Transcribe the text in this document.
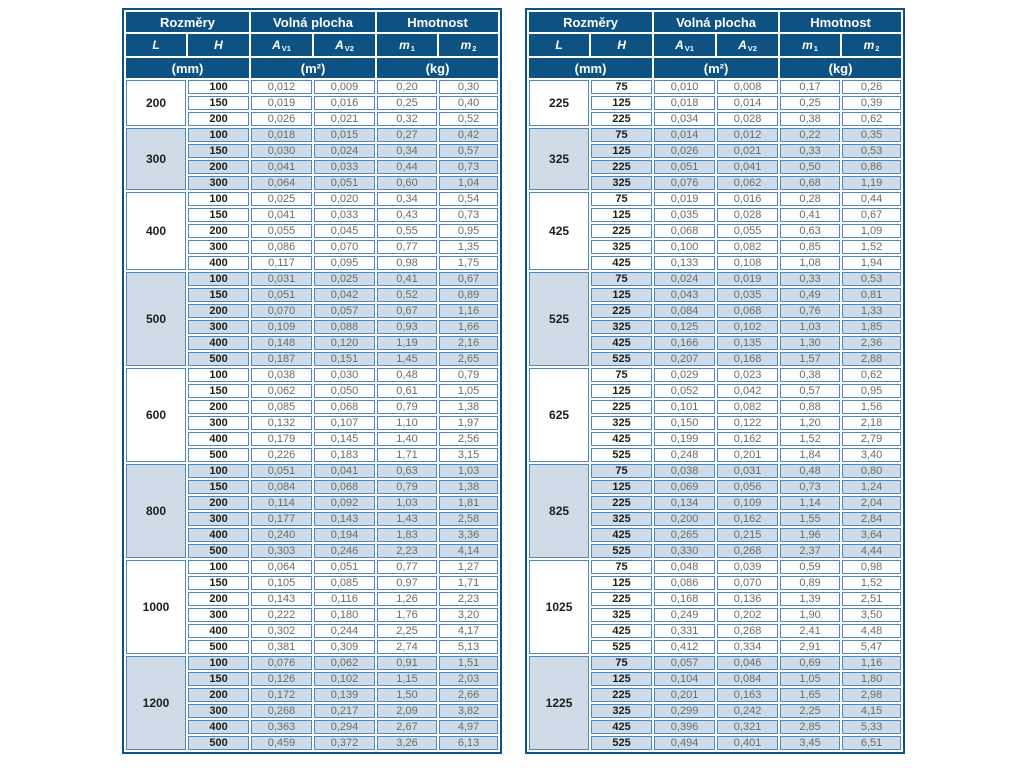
Rozměry		Volná plocha		Hmotnost	
L	H	$A_{V1}$	$A_{V2}$	$m_1$	$m_2$
(mm)		(m²)		(kg)	
200	100	0,012	0,009	0,20	0,30
	150	0,019	0,016	0,25	0,40
	200	0,026	0,021	0,32	0,52
300	100	0,018	0,015	0,27	0,42
	150	0,030	0,024	0,34	0,57
	200	0,041	0,033	0,44	0,73
	300	0,064	0,051	0,60	1,04
400	100	0,025	0,020	0,34	0,54
	150	0,041	0,033	0,43	0,73
	200	0,055	0,045	0,55	0,95
	300	0,086	0,070	0,77	1,35
	400	0,117	0,095	0,98	1,75
500	100	0,031	0,025	0,41	0,67
	150	0,051	0,042	0,52	0,89
	200	0,070	0,057	0,67	1,16
	300	0,109	0,088	0,93	1,66
	400	0,148	0,120	1,19	2,16
	500	0,187	0,151	1,45	2,65
600	100	0,038	0,030	0,48	0,79
	150	0,062	0,050	0,61	1,05
	200	0,085	0,068	0,79	1,38
	300	0,132	0,107	1,10	1,97
	400	0,179	0,145	1,40	2,56
	500	0,226	0,183	1,71	3,15
800	100	0,051	0,041	0,63	1,03
	150	0,084	0,068	0,79	1,38
	200	0,114	0,092	1,03	1,81
	300	0,177	0,143	1,43	2,58
	400	0,240	0,194	1,83	3,36
	500	0,303	0,246	2,23	4,14
1000	100	0,064	0,051	0,77	1,27
	150	0,105	0,085	0,97	1,71
	200	0,143	0,116	1,26	2,23
	300	0,222	0,180	1,76	3,20
	400	0,302	0,244	2,25	4,17
	500	0,381	0,309	2,74	5,13
1200	100	0,076	0,062	0,91	1,51
	150	0,126	0,102	1,15	2,03
	200	0,172	0,139	1,50	2,66
	300	0,268	0,217	2,09	3,82
	400	0,363	0,294	2,67	4,97
	500	0,459	0,372	3,26	6,13
Rozměry		Volná plocha		Hmotnost	
L	H	$A_{V1}$	$A_{V2}$	$m_1$	$m_2$
(mm)		(m²)		(kg)	
225	75	0,010	0,008	0,17	0,26
	125	0,018	0,014	0,25	0,39
	225	0,034	0,028	0,38	0,62
325	75	0,014	0,012	0,22	0,35
	125	0,026	0,021	0,33	0,53
	225	0,051	0,041	0,50	0,86
	325	0,076	0,062	0,68	1,19
425	75	0,019	0,016	0,28	0,44
	125	0,035	0,028	0,41	0,67
	225	0,068	0,055	0,63	1,09
	325	0,100	0,082	0,85	1,52
	425	0,133	0,108	1,08	1,94
525	75	0,024	0,019	0,33	0,53
	125	0,043	0,035	0,49	0,81
	225	0,084	0,068	0,76	1,33
	325	0,125	0,102	1,03	1,85
	425	0,166	0,135	1,30	2,36
	525	0,207	0,168	1,57	2,88
625	75	0,029	0,023	0,38	0,62
	125	0,052	0,042	0,57	0,95
	225	0,101	0,082	0,88	1,56
	325	0,150	0,122	1,20	2,18
	425	0,199	0,162	1,52	2,79
	525	0,248	0,201	1,84	3,40
825	75	0,038	0,031	0,48	0,80
	125	0,069	0,056	0,73	1,24
	225	0,134	0,109	1,14	2,04
	325	0,200	0,162	1,55	2,84
	425	0,265	0,215	1,96	3,64
	525	0,330	0,268	2,37	4,44
1025	75	0,048	0,039	0,59	0,98
	125	0,086	0,070	0,89	1,52
	225	0,168	0,136	1,39	2,51
	325	0,249	0,202	1,90	3,50
	425	0,331	0,268	2,41	4,48
	525	0,412	0,334	2,91	5,47
1225	75	0,057	0,046	0,69	1,16
	125	0,104	0,084	1,05	1,80
	225	0,201	0,163	1,65	2,98
	325	0,299	0,242	2,25	4,15
	425	0,396	0,321	2,85	5,33
	525	0,494	0,401	3,45	6,51
